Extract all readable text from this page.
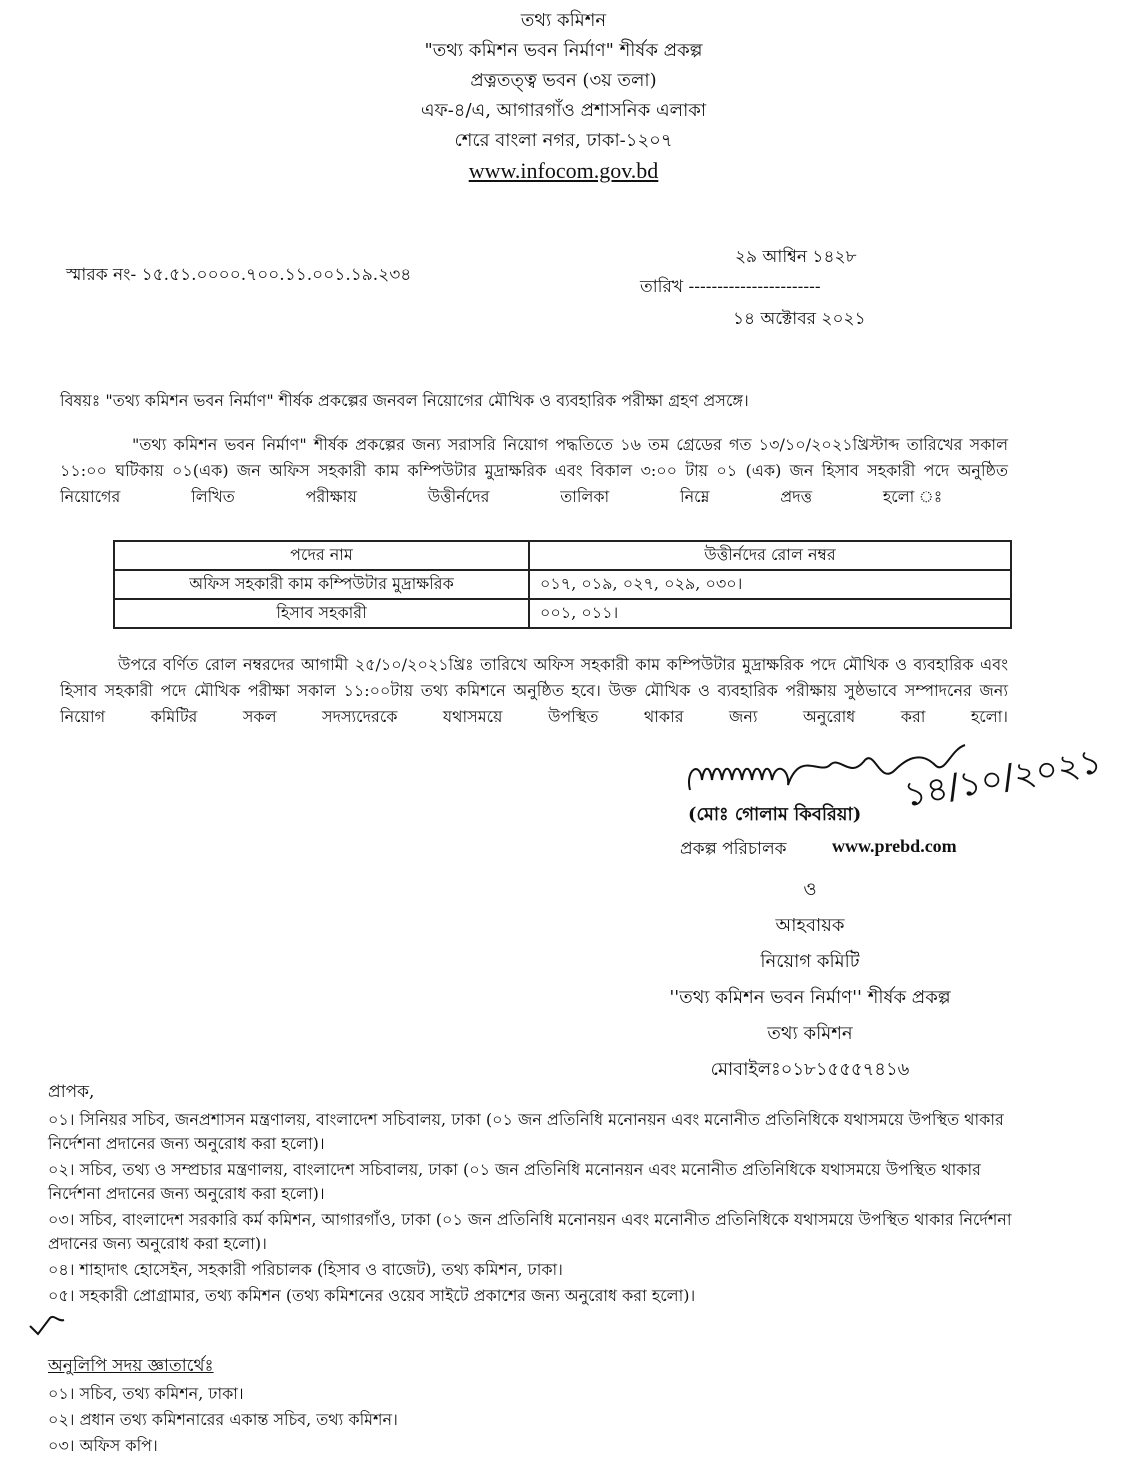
তথ্য কমিশন
"তথ্য কমিশন ভবন নির্মাণ" শীর্ষক প্রকল্প
প্রত্নতত্ত্ব ভবন (৩য় তলা)
এফ-৪/এ, আগারগাঁও প্রশাসনিক এলাকা
শেরে বাংলা নগর, ঢাকা-১২০৭
www.infocom.gov.bd
স্মারক নং- ১৫.৫১.০০০০.৭০০.১১.০০১.১৯.২৩৪
২৯ আশ্বিন ১৪২৮
তারিখ -----------------------
১৪ অক্টোবর ২০২১
বিষয়ঃ "তথ্য কমিশন ভবন নির্মাণ" শীর্ষক প্রকল্পের জনবল নিয়োগের মৌখিক ও ব্যবহারিক পরীক্ষা গ্রহণ প্রসঙ্গে।
"তথ্য কমিশন ভবন নির্মাণ" শীর্ষক প্রকল্পের জন্য সরাসরি নিয়োগ পদ্ধতিতে ১৬ তম গ্রেডের গত ১৩/১০/২০২১খ্রিস্টাব্দ তারিখের সকাল ১১:০০ ঘটিকায় ০১(এক) জন অফিস সহকারী কাম কম্পিউটার মুদ্রাক্ষরিক এবং বিকাল ৩:০০ টায় ০১ (এক) জন হিসাব সহকারী পদে অনুষ্ঠিত নিয়োগের লিখিত পরীক্ষায় উত্তীর্নদের তালিকা নিম্নে প্রদত্ত হলো ঃ
পদের নাম	উত্তীর্নদের রোল নম্বর
অফিস সহকারী কাম কম্পিউটার মুদ্রাক্ষরিক	০১৭, ০১৯, ০২৭, ০২৯, ০৩০।
হিসাব সহকারী	০০১, ০১১।
উপরে বর্ণিত রোল নম্বরদের আগামী ২৫/১০/২০২১খ্রিঃ তারিখে অফিস সহকারী কাম কম্পিউটার মুদ্রাক্ষরিক পদে মৌখিক ও ব্যবহারিক এবং হিসাব সহকারী পদে মৌখিক পরীক্ষা সকাল ১১:০০টায় তথ্য কমিশনে অনুষ্ঠিত হবে। উক্ত মৌখিক ও ব্যবহারিক পরীক্ষায় সুষ্ঠভাবে সম্পাদনের জন্য নিয়োগ কমিটির সকল সদস্যদেরকে যথাসময়ে উপস্থিত থাকার জন্য অনুরোধ করা হলো।
(মোঃ গোলাম কিবরিয়া) ১৪/১০/২০২১
প্রকল্প পরিচালক	www.prebd.com
ও
আহবায়ক
নিয়োগ কমিটি
''তথ্য কমিশন ভবন নির্মাণ'' শীর্ষক প্রকল্প
তথ্য কমিশন
মোবাইলঃ০১৮১৫৫৫৭৪১৬
প্রাপক,
০১। সিনিয়র সচিব, জনপ্রশাসন মন্ত্রণালয়, বাংলাদেশ সচিবালয়, ঢাকা (০১ জন প্রতিনিধি মনোনয়ন এবং মনোনীত প্রতিনিধিকে যথাসময়ে উপস্থিত থাকার নির্দেশনা প্রদানের জন্য অনুরোধ করা হলো)।
০২। সচিব, তথ্য ও সম্প্রচার মন্ত্রণালয়, বাংলাদেশ সচিবালয়, ঢাকা (০১ জন প্রতিনিধি মনোনয়ন এবং মনোনীত প্রতিনিধিকে যথাসময়ে উপস্থিত থাকার নির্দেশনা প্রদানের জন্য অনুরোধ করা হলো)।
০৩। সচিব, বাংলাদেশ সরকারি কর্ম কমিশন, আগারগাঁও, ঢাকা (০১ জন প্রতিনিধি মনোনয়ন এবং মনোনীত প্রতিনিধিকে যথাসময়ে উপস্থিত থাকার নির্দেশনা প্রদানের জন্য অনুরোধ করা হলো)।
০৪। শাহাদাৎ হোসেইন, সহকারী পরিচালক (হিসাব ও বাজেট), তথ্য কমিশন, ঢাকা।
০৫। সহকারী প্রোগ্রামার, তথ্য কমিশন (তথ্য কমিশনের ওয়েব সাইটে প্রকাশের জন্য অনুরোধ করা হলো)।
অনুলিপি সদয় জ্ঞাতার্থেঃ
০১। সচিব, তথ্য কমিশন, ঢাকা।
০২। প্রধান তথ্য কমিশনারের একান্ত সচিব, তথ্য কমিশন।
০৩। অফিস কপি।
